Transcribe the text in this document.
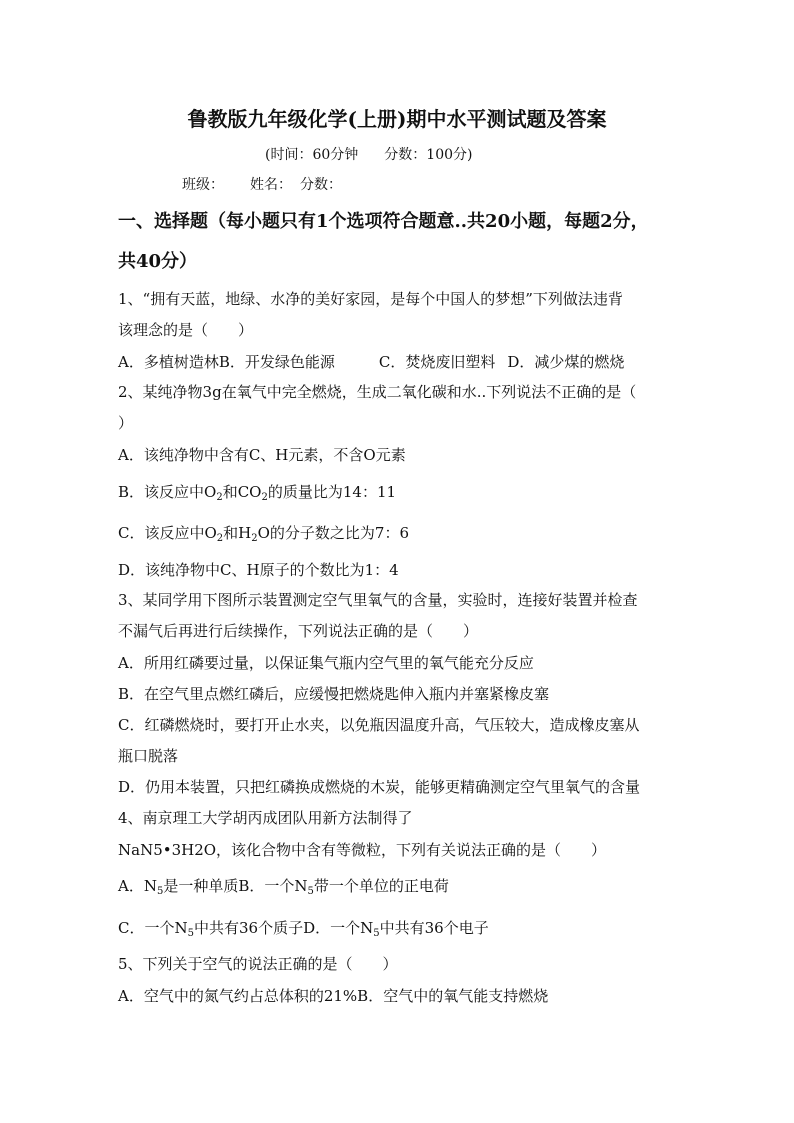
鲁教版九年级化学(上册)期中水平测试题及答案
(时间：60分钟 分数：100分)
班级： 姓名： 分数：
一、选择题（每小题只有1个选项符合题意..共20小题，每题2分，
共40分）
1、“拥有天蓝，地绿、水净的美好家园，是每个中国人的梦想”下列做法违背
该理念的是（　　）
A．多植树造林B．开发绿色能源	C．焚烧废旧塑料 D．减少煤的燃烧
2、某纯净物3g在氧气中完全燃烧，生成二氧化碳和水..下列说法不正确的是（
）
A．该纯净物中含有C、H元素，不含O元素
B．该反应中$O_2$和$CO_2$的质量比为14：11
C．该反应中$O_2$和$H_2O$的分子数之比为7：6
D．该纯净物中C、H原子的个数比为1：4
3、某同学用下图所示装置测定空气里氧气的含量，实验时，连接好装置并检查
不漏气后再进行后续操作，下列说法正确的是（　　）
A．所用红磷要过量，以保证集气瓶内空气里的氧气能充分反应
B．在空气里点燃红磷后，应缓慢把燃烧匙伸入瓶内并塞紧橡皮塞
C．红磷燃烧时，要打开止水夹，以免瓶因温度升高，气压较大，造成橡皮塞从
瓶口脱落
D．仍用本装置，只把红磷换成燃烧的木炭，能够更精确测定空气里氧气的含量
4、南京理工大学胡丙成团队用新方法制得了
NaN5•3H2O，该化合物中含有等微粒，下列有关说法正确的是（　　）
A．$N_5$是一种单质B．一个$N_5$带一个单位的正电荷
C．一个$N_5$中共有36个质子D．一个$N_5$中共有36个电子
5、下列关于空气的说法正确的是（　　）
A．空气中的氮气约占总体积的21%B．空气中的氧气能支持燃烧
